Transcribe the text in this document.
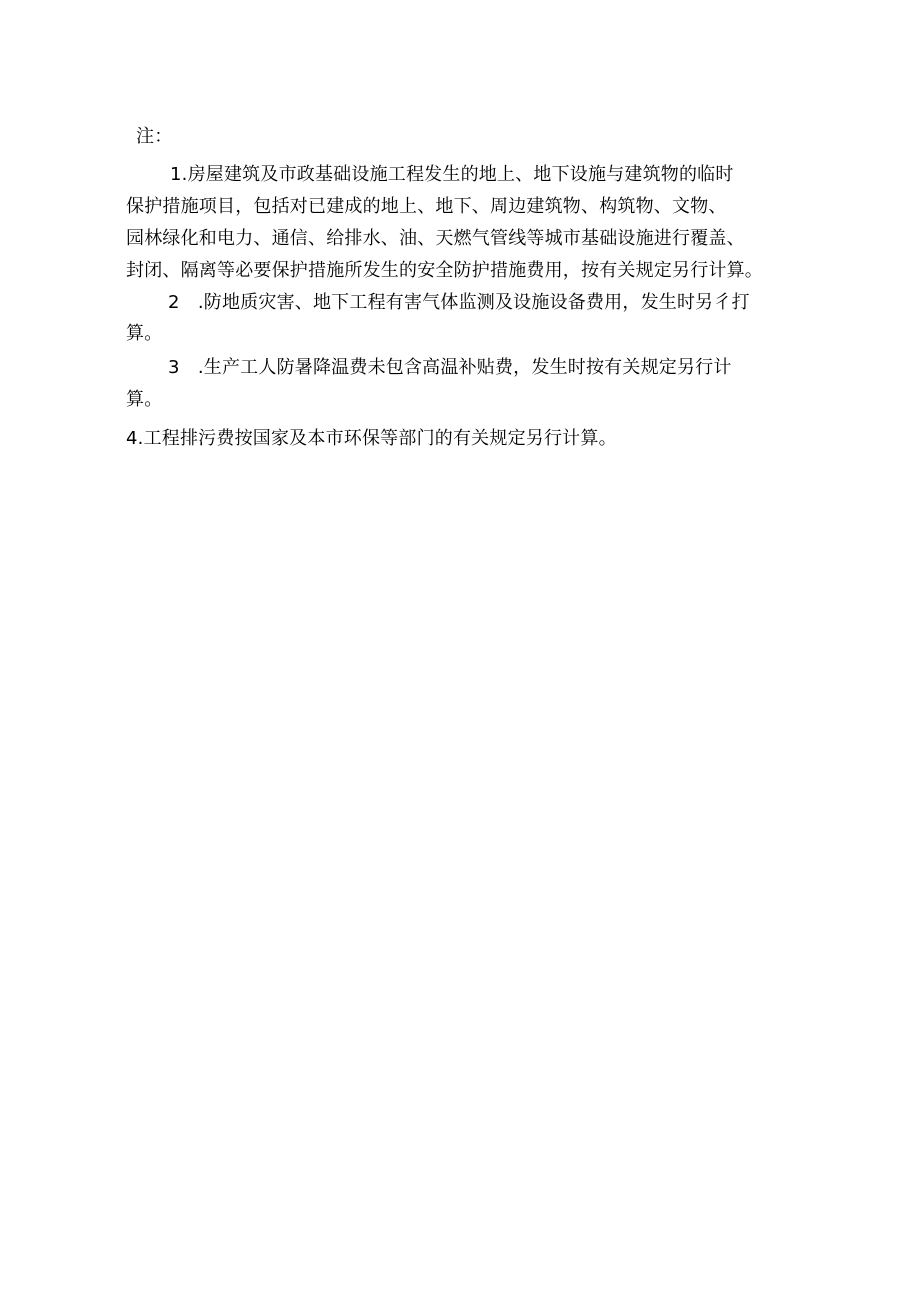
注：
1.房屋建筑及市政基础设施工程发生的地上、地下设施与建筑物的临时
保护措施项目，包括对已建成的地上、地下、周边建筑物、构筑物、文物、
园林绿化和电力、通信、给排水、油、天燃气管线等城市基础设施进行覆盖、
封闭、隔离等必要保护措施所发生的安全防护措施费用，按有关规定另行计算。
2　.防地质灾害、地下工程有害气体监测及设施设备费用，发生时另彳打
算。
3　.生产工人防暑降温费未包含高温补贴费，发生时按有关规定另行计
算。
4.工程排污费按国家及本市环保等部门的有关规定另行计算。
